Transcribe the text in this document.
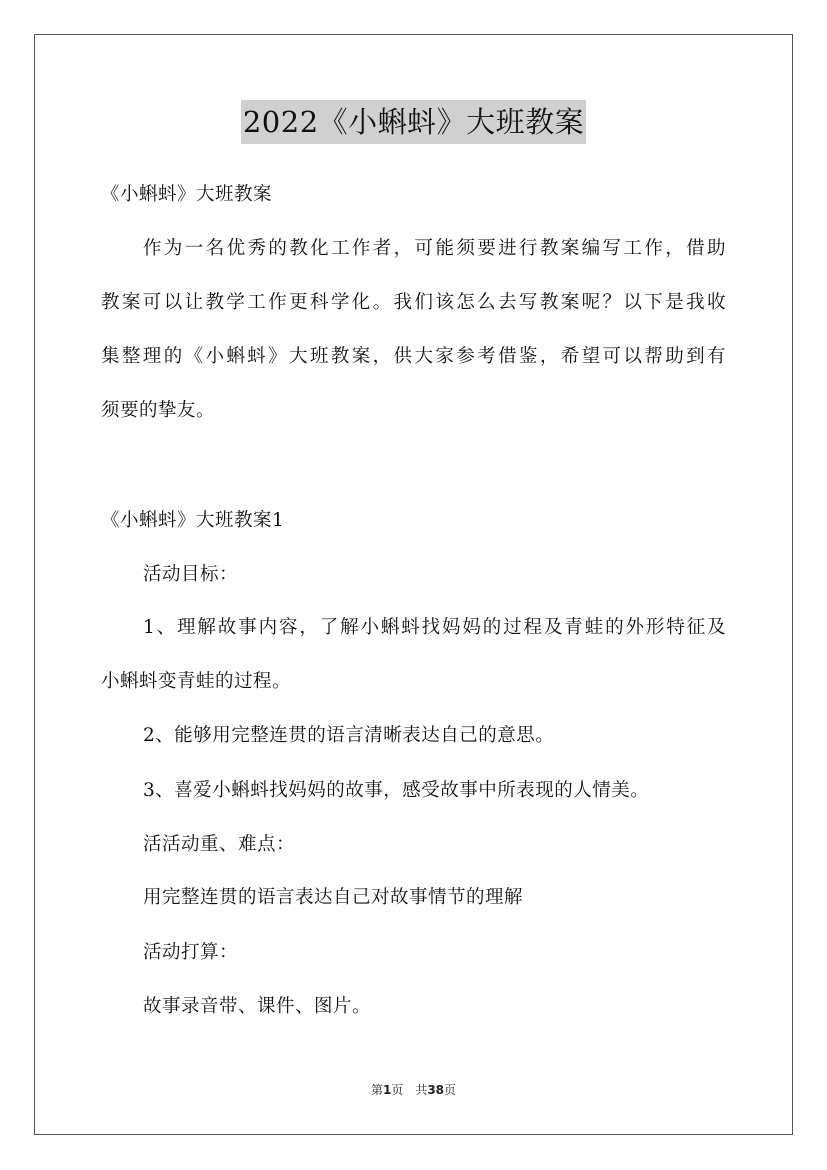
2022《小蝌蚪》大班教案
《小蝌蚪》大班教案
作为一名优秀的教化工作者，可能须要进行教案编写工作，借助
教案可以让教学工作更科学化。我们该怎么去写教案呢？以下是我收
集整理的《小蝌蚪》大班教案，供大家参考借鉴，希望可以帮助到有
须要的挚友。
《小蝌蚪》大班教案1
活动目标：
1、理解故事内容，了解小蝌蚪找妈妈的过程及青蛙的外形特征及
小蝌蚪变青蛙的过程。
2、能够用完整连贯的语言清晰表达自己的意思。
3、喜爱小蝌蚪找妈妈的故事，感受故事中所表现的人情美。
活活动重、难点：
用完整连贯的语言表达自己对故事情节的理解
活动打算：
故事录音带、课件、图片。
第1页　共38页
